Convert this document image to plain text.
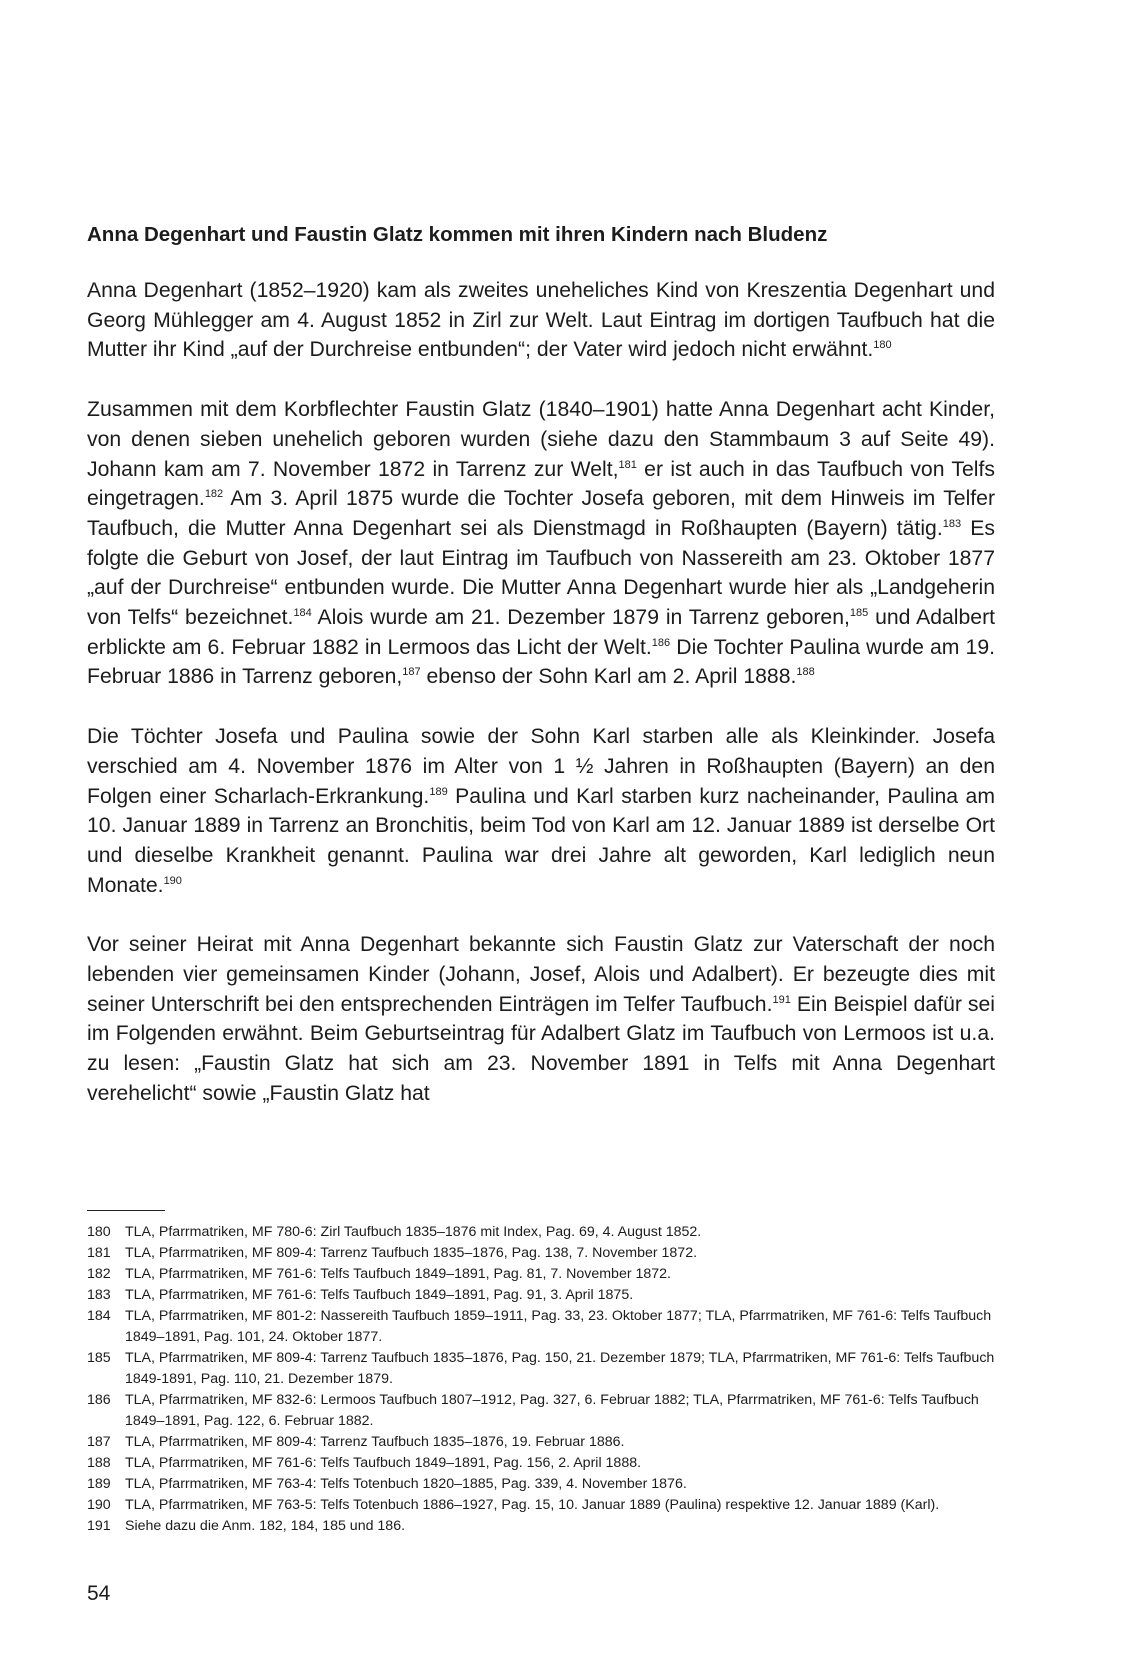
Anna Degenhart und Faustin Glatz kommen mit ihren Kindern nach Bludenz

Anna Degenhart (1852–1920) kam als zweites uneheliches Kind von Kreszentia Degenhart und Georg Mühlegger am 4. August 1852 in Zirl zur Welt. Laut Eintrag im dortigen Taufbuch hat die Mutter ihr Kind „auf der Durchreise entbunden“; der Vater wird jedoch nicht erwähnt.$^{180}$

Zusammen mit dem Korbflechter Faustin Glatz (1840–1901) hatte Anna Degenhart acht Kinder, von denen sieben unehelich geboren wurden (siehe dazu den Stammbaum 3 auf Seite 49). Johann kam am 7. November 1872 in Tarrenz zur Welt,$^{181}$ er ist auch in das Taufbuch von Telfs eingetragen.$^{182}$ Am 3. April 1875 wurde die Tochter Josefa geboren, mit dem Hinweis im Telfer Taufbuch, die Mutter Anna Degenhart sei als Dienstmagd in Roßhaupten (Bayern) tätig.$^{183}$ Es folgte die Geburt von Josef, der laut Eintrag im Taufbuch von Nassereith am 23. Oktober 1877 „auf der Durchreise“ entbunden wurde. Die Mutter Anna Degenhart wurde hier als „Landgeherin von Telfs“ bezeichnet.$^{184}$ Alois wurde am 21. Dezember 1879 in Tarrenz geboren,$^{185}$ und Adalbert erblickte am 6. Februar 1882 in Lermoos das Licht der Welt.$^{186}$ Die Tochter Paulina wurde am 19. Februar 1886 in Tarrenz geboren,$^{187}$ ebenso der Sohn Karl am 2. April 1888.$^{188}$

Die Töchter Josefa und Paulina sowie der Sohn Karl starben alle als Kleinkinder. Josefa verschied am 4. November 1876 im Alter von 1 ½ Jahren in Roßhaupten (Bayern) an den Folgen einer Scharlach-Erkrankung.$^{189}$ Paulina und Karl starben kurz nacheinander, Paulina am 10. Januar 1889 in Tarrenz an Bronchitis, beim Tod von Karl am 12. Januar 1889 ist derselbe Ort und dieselbe Krankheit genannt. Paulina war drei Jahre alt geworden, Karl lediglich neun Monate.$^{190}$

Vor seiner Heirat mit Anna Degenhart bekannte sich Faustin Glatz zur Vaterschaft der noch lebenden vier gemeinsamen Kinder (Johann, Josef, Alois und Adalbert). Er bezeugte dies mit seiner Unterschrift bei den entsprechenden Einträgen im Telfer Taufbuch.$^{191}$ Ein Beispiel dafür sei im Folgenden erwähnt. Beim Geburtseintrag für Adalbert Glatz im Taufbuch von Lermoos ist u.a. zu lesen: „Faustin Glatz hat sich am 23. November 1891 in Telfs mit Anna Degenhart verehelicht“ sowie „Faustin Glatz hat

180	TLA, Pfarrmatriken, MF 780-6: Zirl Taufbuch 1835–1876 mit Index, Pag. 69, 4. August 1852.
181	TLA, Pfarrmatriken, MF 809-4: Tarrenz Taufbuch 1835–1876, Pag. 138, 7. November 1872.
182	TLA, Pfarrmatriken, MF 761-6: Telfs Taufbuch 1849–1891, Pag. 81, 7. November 1872.
183	TLA, Pfarrmatriken, MF 761-6: Telfs Taufbuch 1849–1891, Pag. 91, 3. April 1875.
184	TLA, Pfarrmatriken, MF 801-2: Nassereith Taufbuch 1859–1911, Pag. 33, 23. Oktober 1877; TLA, Pfarrmatriken, MF 761-6: Telfs Taufbuch 1849–1891, Pag. 101, 24. Oktober 1877.
185	TLA, Pfarrmatriken, MF 809-4: Tarrenz Taufbuch 1835–1876, Pag. 150, 21. Dezember 1879; TLA, Pfarrmatriken, MF 761-6: Telfs Taufbuch 1849-1891, Pag. 110, 21. Dezember 1879.
186	TLA, Pfarrmatriken, MF 832-6: Lermoos Taufbuch 1807–1912, Pag. 327, 6. Februar 1882; TLA, Pfarrmatriken, MF 761-6: Telfs Taufbuch 1849–1891, Pag. 122, 6. Februar 1882.
187	TLA, Pfarrmatriken, MF 809-4: Tarrenz Taufbuch 1835–1876, 19. Februar 1886.
188	TLA, Pfarrmatriken, MF 761-6: Telfs Taufbuch 1849–1891, Pag. 156, 2. April 1888.
189	TLA, Pfarrmatriken, MF 763-4: Telfs Totenbuch 1820–1885, Pag. 339, 4. November 1876.
190	TLA, Pfarrmatriken, MF 763-5: Telfs Totenbuch 1886–1927, Pag. 15, 10. Januar 1889 (Paulina) respektive 12. Januar 1889 (Karl).
191	Siehe dazu die Anm. 182, 184, 185 und 186.
54
